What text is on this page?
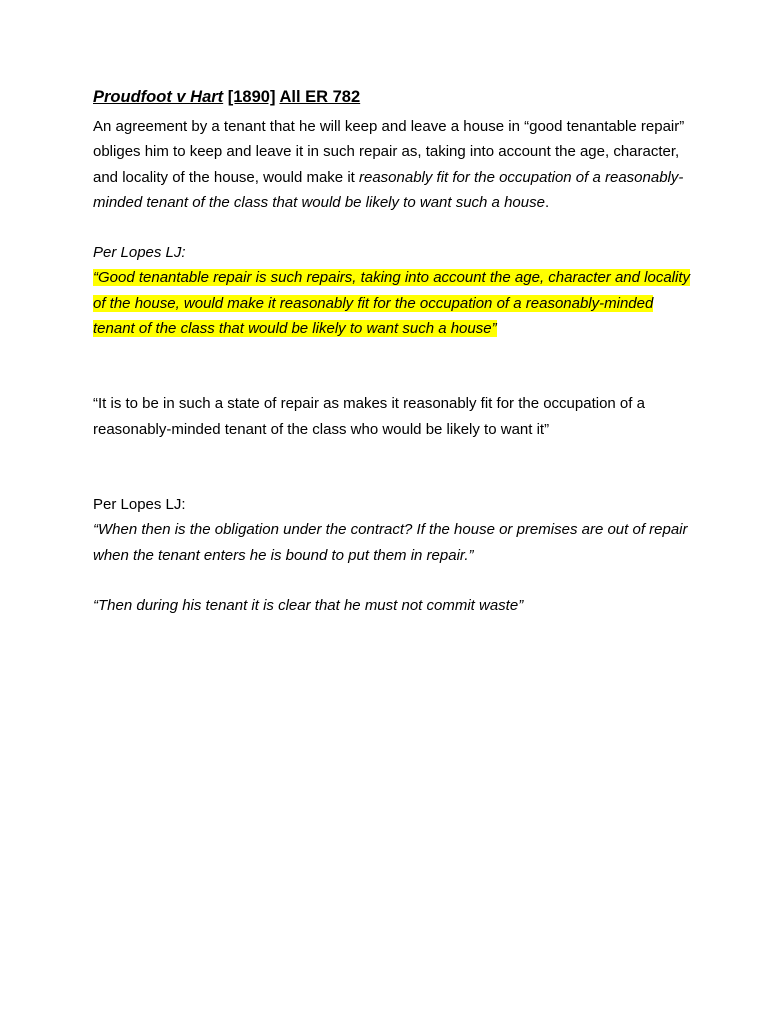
Proudfoot v Hart [1890] All ER 782

An agreement by a tenant that he will keep and leave a house in “good tenantable repair” obliges him to keep and leave it in such repair as, taking into account the age, character, and locality of the house, would make it reasonably fit for the occupation of a reasonably-minded tenant of the class that would be likely to want such a house.

Per Lopes LJ:

“Good tenantable repair is such repairs, taking into account the age, character and locality of the house, would make it reasonably fit for the occupation of a reasonably-minded tenant of the class that would be likely to want such a house”

“It is to be in such a state of repair as makes it reasonably fit for the occupation of a reasonably-minded tenant of the class who would be likely to want it”

Per Lopes LJ:

“When then is the obligation under the contract? If the house or premises are out of repair when the tenant enters he is bound to put them in repair.”

“Then during his tenant it is clear that he must not commit waste”
